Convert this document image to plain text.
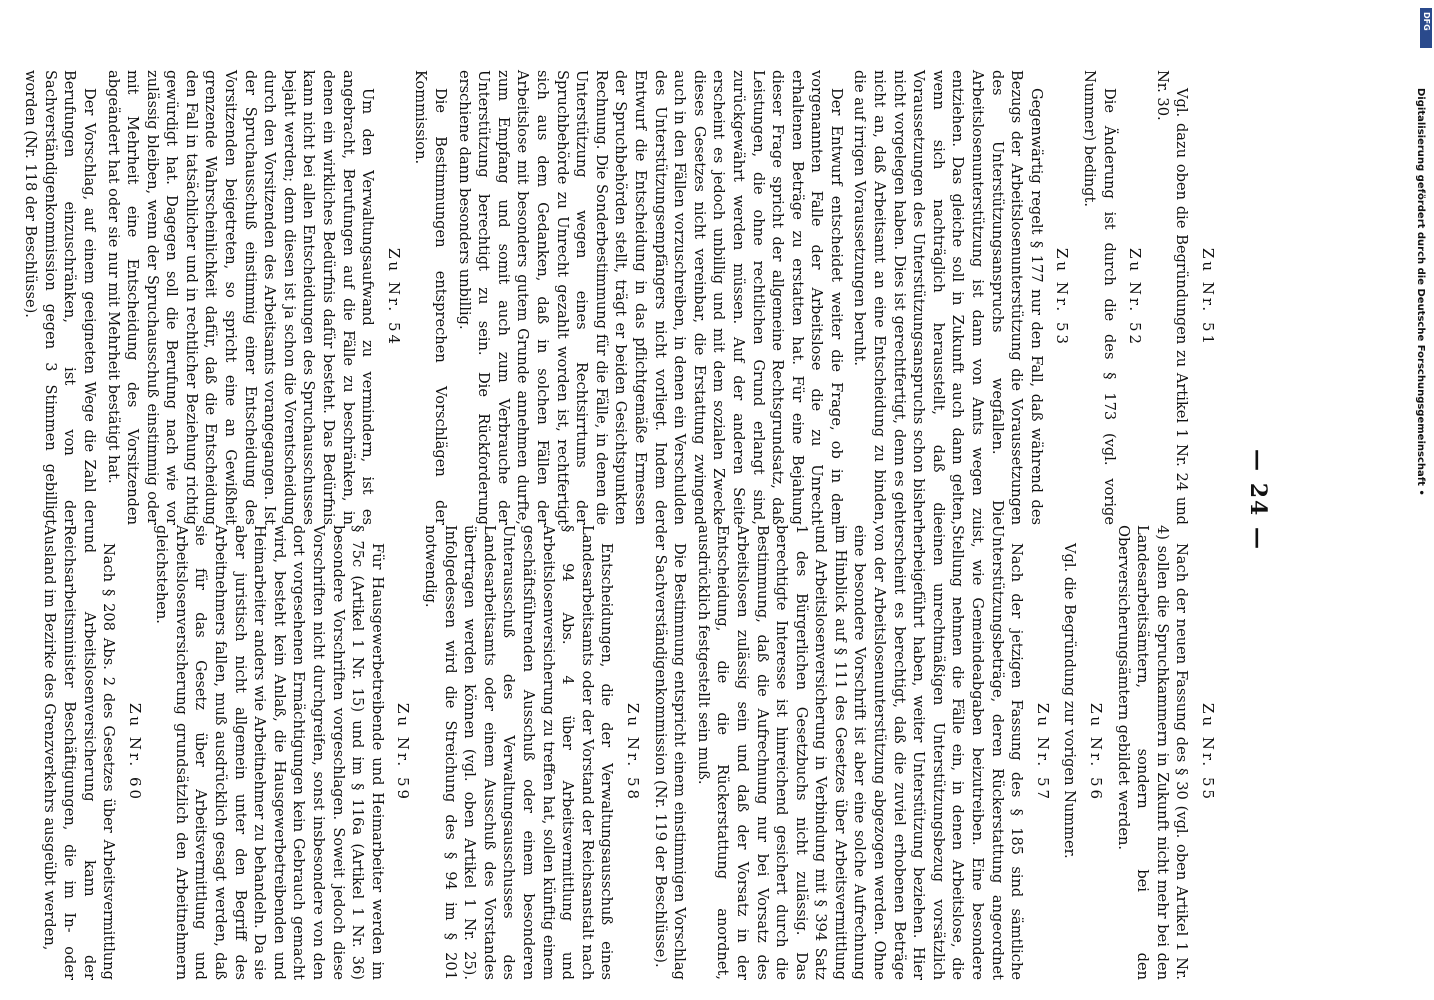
— 24 —
Zu Nr. 51
Vgl. dazu oben die Begründungen zu Artikel 1 Nr. 24 und Nr. 30.
Zu Nr. 52
Die Änderung ist durch die des § 173 (vgl. vorige Nummer) bedingt.
Zu Nr. 53
Gegenwärtig regelt § 177 nur den Fall, daß während des Bezugs der Arbeitslosenunterstützung die Voraussetzungen des Unterstützungsanspruchs wegfallen. Die Arbeitslosenunterstützung ist dann von Amts wegen zu entziehen. Das gleiche soll in Zukunft auch dann gelten, wenn sich nachträglich herausstellt, daß die Voraussetzungen des Unterstützungsanspruchs schon bisher nicht vorgelegen haben. Dies ist gerechtfertigt, denn es geht nicht an, daß Arbeitsamt an eine Entscheidung zu binden, die auf irrigen Voraussetzungen beruht.
Der Entwurf entscheidet weiter die Frage, ob in dem vorgenannten Falle der Arbeitslose die zu Unrecht erhaltenen Beträge zu erstatten hat. Für eine Bejahung dieser Frage spricht der allgemeine Rechtsgrundsatz, daß Leistungen, die ohne rechtlichen Grund erlangt sind, zurückgewährt werden müssen. Auf der anderen Seite erscheint es jedoch unbillig und mit dem sozialen Zwecke dieses Gesetzes nicht vereinbar, die Erstattung zwingend auch in den Fällen vorzuschreiben, in denen ein Verschulden des Unterstützungsempfängers nicht vorliegt. Indem der Entwurf die Entscheidung in das pflichtgemäße Ermessen der Spruchbehörden stellt, trägt er beiden Gesichtspunkten Rechnung. Die Sonderbestimmung für die Fälle, in denen die Unterstützung wegen eines Rechtsirrtums der Spruchbehörde zu Unrecht gezahlt worden ist, rechtfertigt sich aus dem Gedanken, daß in solchen Fällen der Arbeitslose mit besonders gutem Grunde annehmen durfte, zum Empfang und somit auch zum Verbrauche der Unterstützung berechtigt zu sein. Die Rückforderung erschiene dann besonders unbillig.
Die Bestimmungen entsprechen Vorschlägen der Kommission.
Zu Nr. 54
Um den Verwaltungsaufwand zu vermindern, ist es angebracht, Berufungen auf die Fälle zu beschränken, in denen ein wirkliches Bedürfnis dafür besteht. Das Bedürfnis kann nicht bei allen Entscheidungen des Spruchausschusses bejaht werden; denn diesen ist ja schon die Vorentscheidung durch den Vorsitzenden des Arbeitsamts vorangegangen. Ist der Spruchausschuß einstimmig einer Entscheidung des Vorsitzenden beigetreten, so spricht eine an Gewißheit grenzende Wahrscheinlichkeit dafür, daß die Entscheidung den Fall in tatsächlicher und in rechtlicher Beziehung richtig gewürdigt hat. Dagegen soll die Berufung nach wie vor zulässig bleiben, wenn der Spruchausschuß einstimmig oder mit Mehrheit eine Entscheidung des Vorsitzenden abgeändert hat oder sie nur mit Mehrheit bestätigt hat.
Der Vorschlag, auf einem geeigneten Wege die Zahl der Berufungen einzuschränken, ist von der Sachverständigenkommission gegen 3 Stimmen gebilligt worden (Nr. 118 der Beschlüsse).
Zu Nr. 55
Nach der neuen Fassung des § 30 (vgl. oben Artikel 1 Nr. 4) sollen die Spruchkammern in Zukunft nicht mehr bei den Landesarbeitsämtern, sondern bei den Oberversicherungsämtern gebildet werden.
Zu Nr. 56
Vgl. die Begründung zur vorigen Nummer.
Zu Nr. 57
Nach der jetzigen Fassung des § 185 sind sämtliche Unterstützungsbeträge, deren Rückerstattung angeordnet ist, wie Gemeindeabgaben beizutreiben. Eine besondere Stellung nehmen die Fälle ein, in denen Arbeitslose, die einen unrechtmäßigen Unterstützungsbezug vorsätzlich herbeigeführt haben, weiter Unterstützung beziehen. Hier erscheint es berechtigt, daß die zuviel erhobenen Beträge von der Arbeitslosenunterstützung abgezogen werden. Ohne eine besondere Vorschrift ist aber eine solche Aufrechnung im Hinblick auf § 111 des Gesetzes über Arbeitsvermittlung und Arbeitslosenversicherung in Verbindung mit § 394 Satz 1 des Bürgerlichen Gesetzbuchs nicht zulässig. Das berechtigte Interesse ist hinreichend gesichert durch die Bestimmung, daß die Aufrechnung nur bei Vorsatz des Arbeitslosen zulässig sein und daß der Vorsatz in der Entscheidung, die die Rückerstattung anordnet, ausdrücklich festgestellt sein muß.
Die Bestimmung entspricht einem einstimmigen Vorschlag der Sachverständigenkommission (Nr. 119 der Beschlüsse).
Zu Nr. 58
Entscheidungen, die der Verwaltungsausschuß eines Landesarbeitsamts oder der Vorstand der Reichsanstalt nach § 94 Abs. 4 über Arbeitsvermittlung und Arbeitslosenversicherung zu treffen hat, sollen künftig einem geschäftsführenden Ausschuß oder einem besonderen Unterausschuß des Verwaltungsausschusses des Landesarbeitsamts oder einem Ausschuß des Vorstandes übertragen werden können (vgl. oben Artikel 1 Nr. 25). Infolgedessen wird die Streichung des § 94 im § 201 notwendig.
Zu Nr. 59
Für Hausgewerbetreibende und Heimarbeiter werden im § 75c (Artikel 1 Nr. 15) und im § 116a (Artikel 1 Nr. 36) besondere Vorschriften vorgeschlagen. Soweit jedoch diese Vorschriften nicht durchgreifen, sonst insbesondere von den dort vorgesehenen Ermächtigungen kein Gebrauch gemacht wird, besteht kein Anlaß, die Hausgewerbetreibenden und Heimarbeiter anders wie Arbeitnehmer zu behandeln. Da sie aber juristisch nicht allgemein unter den Begriff des Arbeitnehmers fallen, muß ausdrücklich gesagt werden, daß sie für das Gesetz über Arbeitsvermittlung und Arbeitslosenversicherung grundsätzlich den Arbeitnehmern gleichstehen.
Zu Nr. 60
Nach § 208 Abs. 2 des Gesetzes über Arbeitsvermittlung und Arbeitslosenversicherung kann der Reichsarbeitsminister Beschäftigungen, die im In- oder Ausland im Bezirke des Grenzverkehrs ausgeübt werden,
Digitalisierung gefördert durch die Deutsche Forschungsgemeinschaft •
DFG
